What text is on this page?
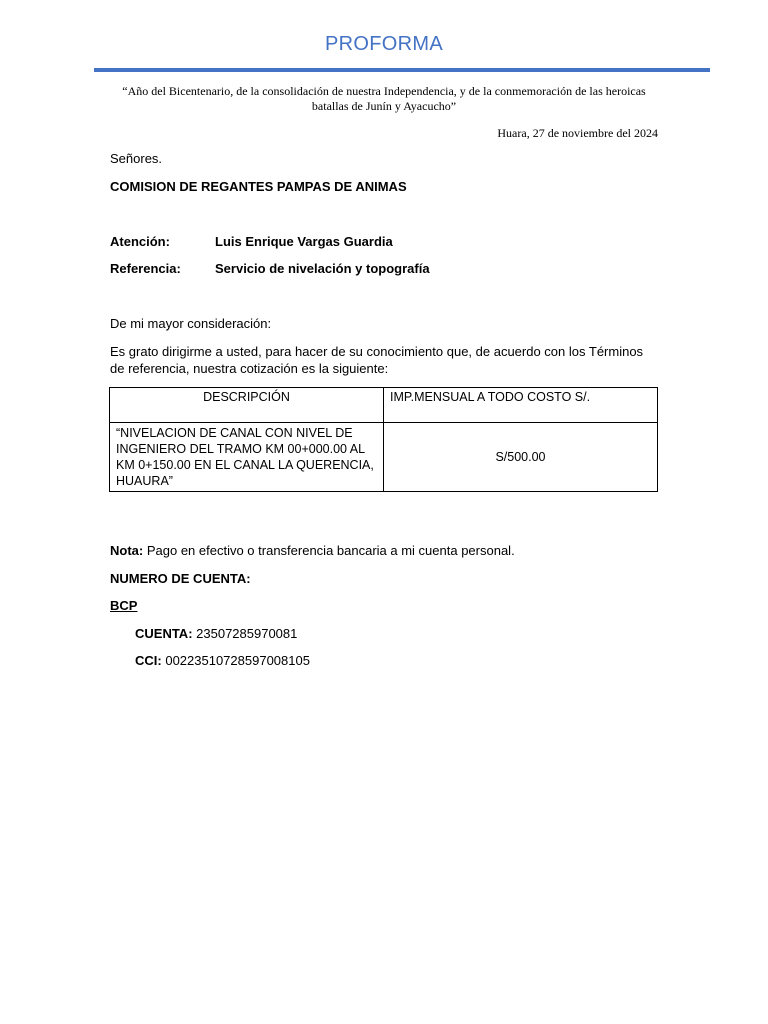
PROFORMA
“Año del Bicentenario, de la consolidación de nuestra Independencia, y de la conmemoración de las heroicas batallas de Junín y Ayacucho”
Huara, 27 de noviembre del 2024
Señores.
COMISION DE REGANTES PAMPAS DE ANIMAS
Atención:	Luis Enrique Vargas Guardia
Referencia:	Servicio de nivelación y topografía
De mi mayor consideración:
Es grato dirigirme a usted, para hacer de su conocimiento que, de acuerdo con los Términos de referencia, nuestra cotización es la siguiente:
DESCRIPCIÓN	IMP.MENSUAL A TODO COSTO S/.
“NIVELACION DE CANAL CON NIVEL DE INGENIERO DEL TRAMO KM 00+000.00 AL KM 0+150.00 EN EL CANAL LA QUERENCIA, HUAURA”	S/500.00
Nota: Pago en efectivo o transferencia bancaria a mi cuenta personal.
NUMERO DE CUENTA:
BCP
CUENTA: 23507285970081
CCI: 00223510728597008105
